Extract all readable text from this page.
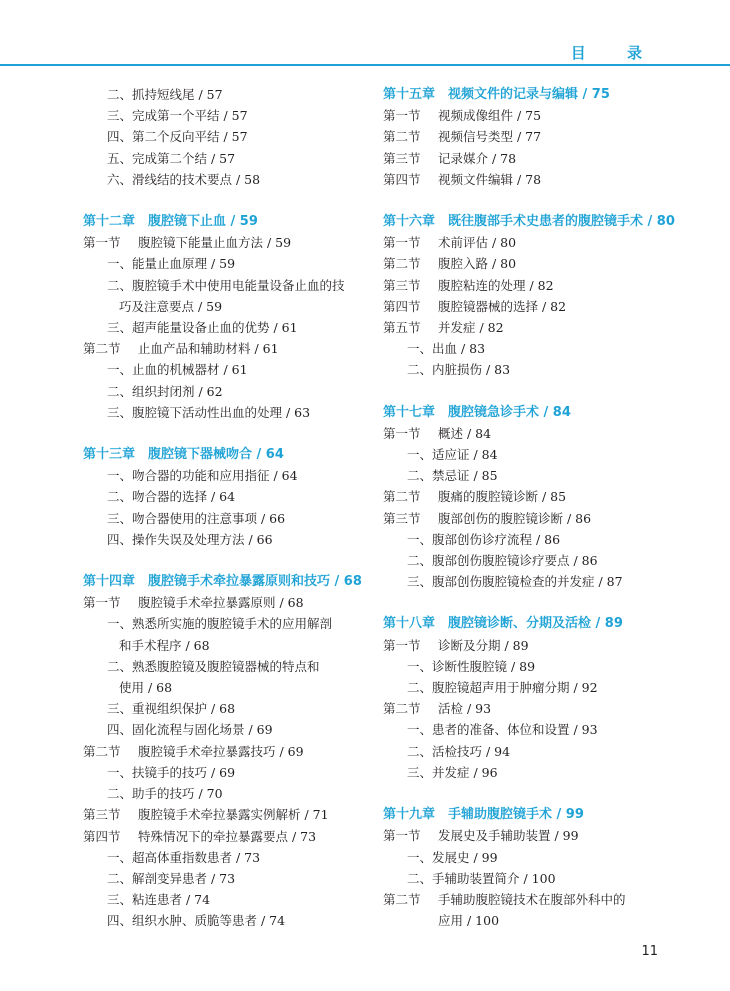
目 录
二、抓持短线尾 / 57
三、完成第一个平结 / 57
四、第二个反向平结 / 57
五、完成第二个结 / 57
六、滑线结的技术要点 / 58
第十二章　腹腔镜下止血 / 59
第一节 腹腔镜下能量止血方法 / 59
一、能量止血原理 / 59
二、腹腔镜手术中使用电能量设备止血的技
巧及注意要点 / 59
三、超声能量设备止血的优势 / 61
第二节 止血产品和辅助材料 / 61
一、止血的机械器材 / 61
二、组织封闭剂 / 62
三、腹腔镜下活动性出血的处理 / 63
第十三章　腹腔镜下器械吻合 / 64
一、吻合器的功能和应用指征 / 64
二、吻合器的选择 / 64
三、吻合器使用的注意事项 / 66
四、操作失误及处理方法 / 66
第十四章　腹腔镜手术牵拉暴露原则和技巧 / 68
第一节 腹腔镜手术牵拉暴露原则 / 68
一、熟悉所实施的腹腔镜手术的应用解剖
和手术程序 / 68
二、熟悉腹腔镜及腹腔镜器械的特点和
使用 / 68
三、重视组织保护 / 68
四、固化流程与固化场景 / 69
第二节 腹腔镜手术牵拉暴露技巧 / 69
一、扶镜手的技巧 / 69
二、助手的技巧 / 70
第三节 腹腔镜手术牵拉暴露实例解析 / 71
第四节 特殊情况下的牵拉暴露要点 / 73
一、超高体重指数患者 / 73
二、解剖变异患者 / 73
三、粘连患者 / 74
四、组织水肿、质脆等患者 / 74
第十五章　视频文件的记录与编辑 / 75
第一节 视频成像组件 / 75
第二节 视频信号类型 / 77
第三节 记录媒介 / 78
第四节 视频文件编辑 / 78
第十六章　既往腹部手术史患者的腹腔镜手术 / 80
第一节 术前评估 / 80
第二节 腹腔入路 / 80
第三节 腹腔粘连的处理 / 82
第四节 腹腔镜器械的选择 / 82
第五节 并发症 / 82
一、出血 / 83
二、内脏损伤 / 83
第十七章　腹腔镜急诊手术 / 84
第一节 概述 / 84
一、适应证 / 84
二、禁忌证 / 85
第二节 腹痛的腹腔镜诊断 / 85
第三节 腹部创伤的腹腔镜诊断 / 86
一、腹部创伤诊疗流程 / 86
二、腹部创伤腹腔镜诊疗要点 / 86
三、腹部创伤腹腔镜检查的并发症 / 87
第十八章　腹腔镜诊断、分期及活检 / 89
第一节 诊断及分期 / 89
一、诊断性腹腔镜 / 89
二、腹腔镜超声用于肿瘤分期 / 92
第二节 活检 / 93
一、患者的准备、体位和设置 / 93
二、活检技巧 / 94
三、并发症 / 96
第十九章　手辅助腹腔镜手术 / 99
第一节 发展史及手辅助装置 / 99
一、发展史 / 99
二、手辅助装置简介 / 100
第二节 手辅助腹腔镜技术在腹部外科中的
应用 / 100
11
